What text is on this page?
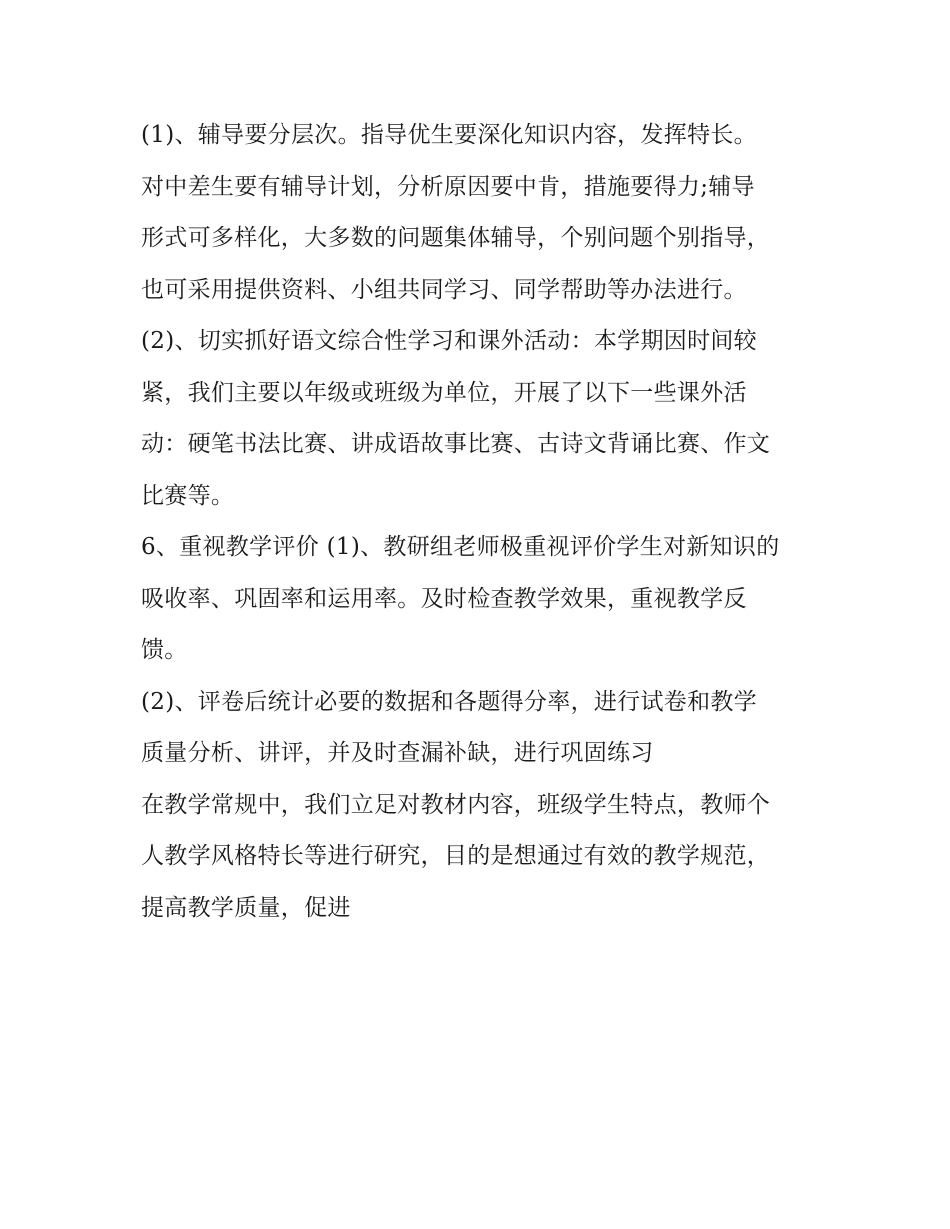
(1)、辅导要分层次。指导优生要深化知识内容，发挥特长。
对中差生要有辅导计划，分析原因要中肯，措施要得力;辅导
形式可多样化，大多数的问题集体辅导，个别问题个别指导，
也可采用提供资料、小组共同学习、同学帮助等办法进行。
(2)、切实抓好语文综合性学习和课外活动：本学期因时间较
紧，我们主要以年级或班级为单位，开展了以下一些课外活
动：硬笔书法比赛、讲成语故事比赛、古诗文背诵比赛、作文
比赛等。
6、重视教学评价 (1)、教研组老师极重视评价学生对新知识的
吸收率、巩固率和运用率。及时检查教学效果，重视教学反
馈。
(2)、评卷后统计必要的数据和各题得分率，进行试卷和教学
质量分析、讲评，并及时查漏补缺，进行巩固练习
在教学常规中，我们立足对教材内容，班级学生特点，教师个
人教学风格特长等进行研究，目的是想通过有效的教学规范，
提高教学质量，促进
